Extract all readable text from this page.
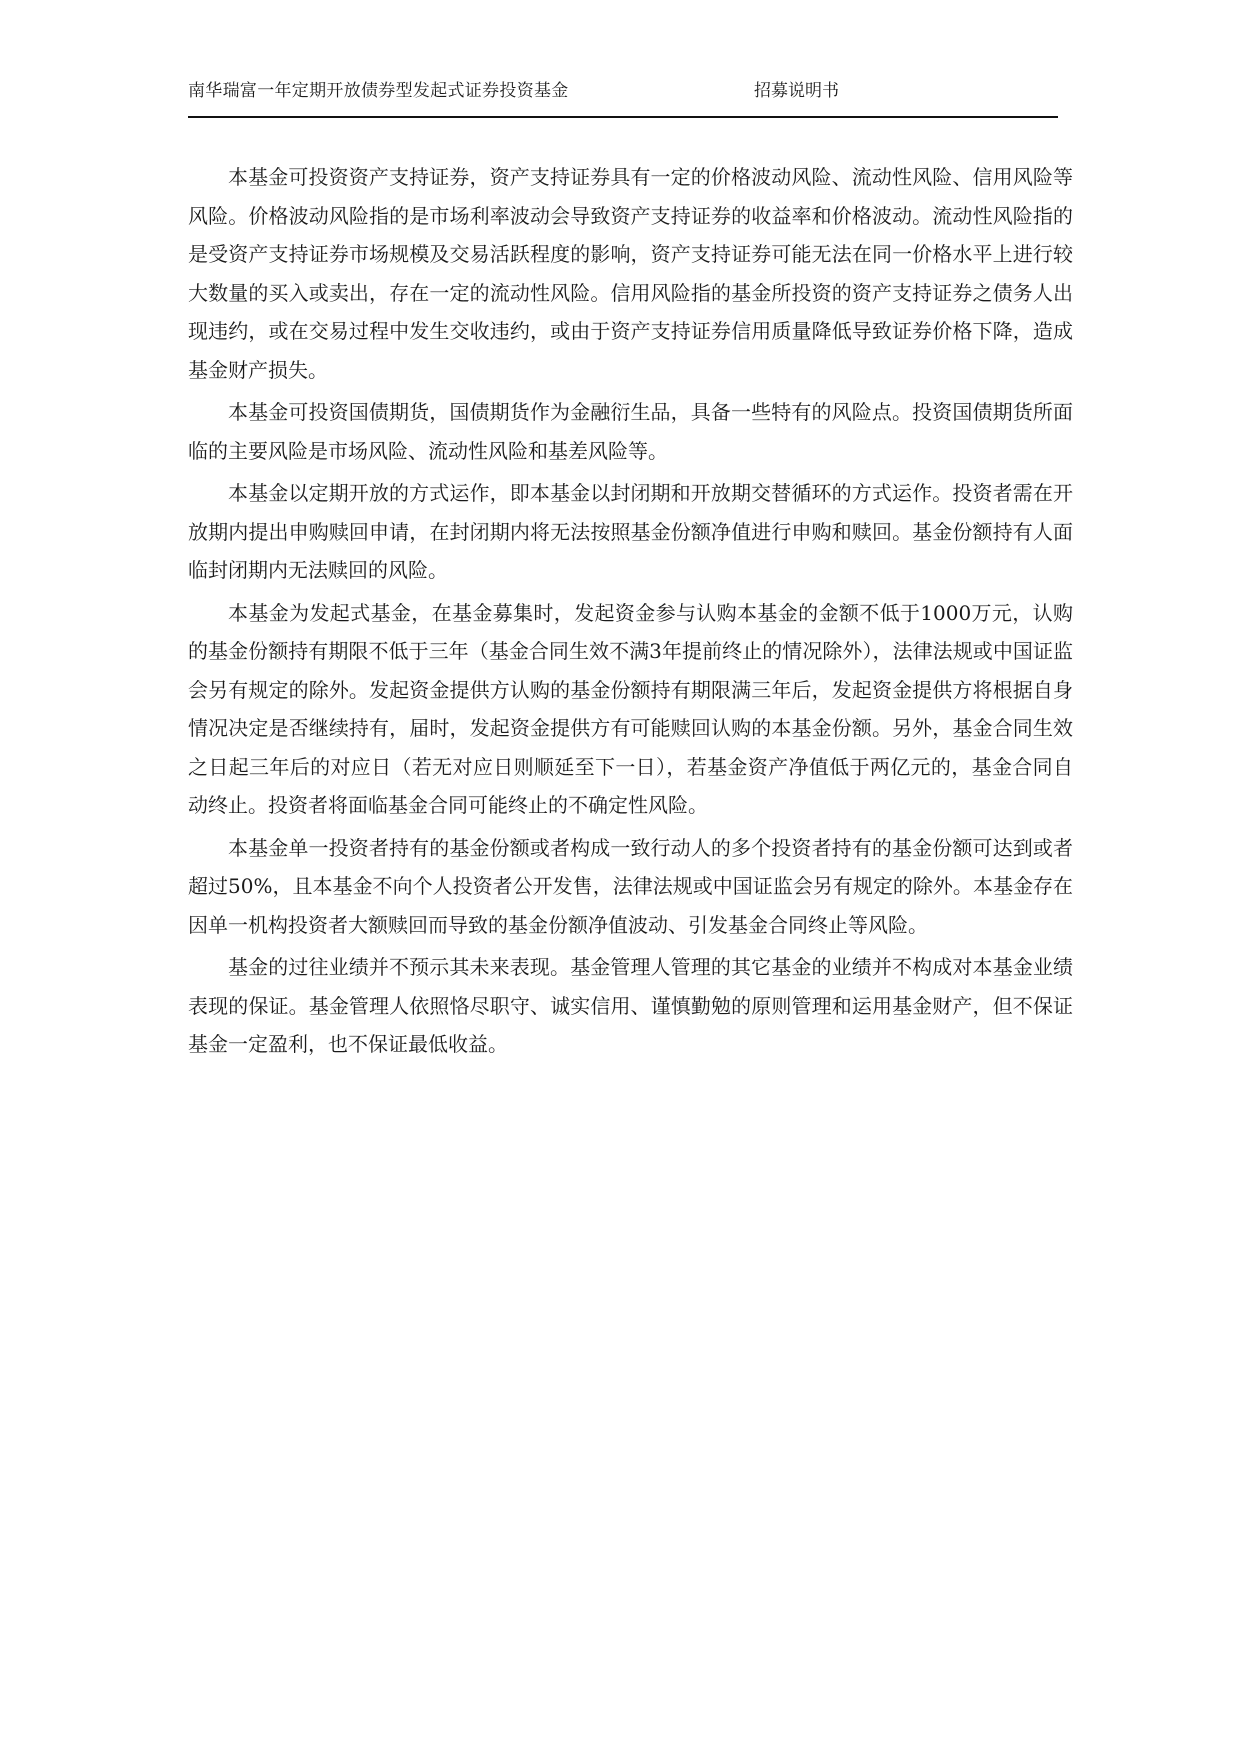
南华瑞富一年定期开放债券型发起式证券投资基金	招募说明书

本基金可投资资产支持证券，资产支持证券具有一定的价格波动风险、流动性风险、信用风险等风险。价格波动风险指的是市场利率波动会导致资产支持证券的收益率和价格波动。流动性风险指的是受资产支持证券市场规模及交易活跃程度的影响，资产支持证券可能无法在同一价格水平上进行较大数量的买入或卖出，存在一定的流动性风险。信用风险指的基金所投资的资产支持证券之债务人出现违约，或在交易过程中发生交收违约，或由于资产支持证券信用质量降低导致证券价格下降，造成基金财产损失。

本基金可投资国债期货，国债期货作为金融衍生品，具备一些特有的风险点。投资国债期货所面临的主要风险是市场风险、流动性风险和基差风险等。

本基金以定期开放的方式运作，即本基金以封闭期和开放期交替循环的方式运作。投资者需在开放期内提出申购赎回申请，在封闭期内将无法按照基金份额净值进行申购和赎回。基金份额持有人面临封闭期内无法赎回的风险。

本基金为发起式基金，在基金募集时，发起资金参与认购本基金的金额不低于1000万元，认购的基金份额持有期限不低于三年（基金合同生效不满3年提前终止的情况除外），法律法规或中国证监会另有规定的除外。发起资金提供方认购的基金份额持有期限满三年后，发起资金提供方将根据自身情况决定是否继续持有，届时，发起资金提供方有可能赎回认购的本基金份额。另外，基金合同生效之日起三年后的对应日（若无对应日则顺延至下一日），若基金资产净值低于两亿元的，基金合同自动终止。投资者将面临基金合同可能终止的不确定性风险。

本基金单一投资者持有的基金份额或者构成一致行动人的多个投资者持有的基金份额可达到或者超过50%，且本基金不向个人投资者公开发售，法律法规或中国证监会另有规定的除外。本基金存在因单一机构投资者大额赎回而导致的基金份额净值波动、引发基金合同终止等风险。

基金的过往业绩并不预示其未来表现。基金管理人管理的其它基金的业绩并不构成对本基金业绩表现的保证。基金管理人依照恪尽职守、诚实信用、谨慎勤勉的原则管理和运用基金财产，但不保证基金一定盈利，也不保证最低收益。
